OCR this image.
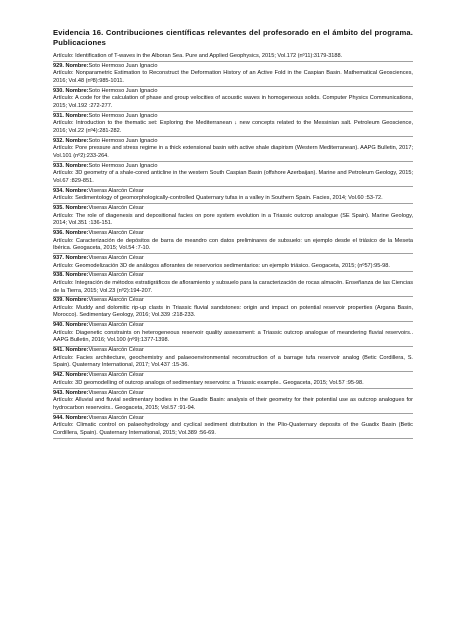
Evidencia 16. Contribuciones científicas relevantes del profesorado en el ámbito del programa. Publicaciones
Artículo: Identification of T-waves in the Alboran Sea. Pure and Applied Geophysics, 2015; Vol.172 (nº11):3179-3188.
929. Nombre:Soto Hermoso Juan Ignacio
Artículo: Nonparametric Estimation to Reconstruct the Deformation History of an Active Fold in the Caspian Basin. Mathematical Geosciences, 2016; Vol.48 (nº8):985-1011.
930. Nombre:Soto Hermoso Juan Ignacio
Artículo: A code for the calculation of phase and group velocities of acoustic waves in homogeneous solids. Computer Physics Communications, 2015; Vol.192 :272-277.
931. Nombre:Soto Hermoso Juan Ignacio
Artículo: Introduction to the thematic set: Exploring the Mediterranean ↓ new concepts related to the Messinian salt. Petroleum Geoscience, 2016; Vol.22 (nº4):281-282.
932. Nombre:Soto Hermoso Juan Ignacio
Artículo: Pore pressure and stress regime in a thick extensional basin with active shale diapirism (Western Mediterranean). AAPG Bulletin, 2017; Vol.101 (nº2):233-264.
933. Nombre:Soto Hermoso Juan Ignacio
Artículo: 3D geometry of a shale-cored anticline in the western South Caspian Basin (offshore Azerbaijan). Marine and Petroleum Geology, 2015; Vol.67 :829-851.
934. Nombre:Viseras Alarcón César
Artículo: Sedimentology of geomorphologically-controlled Quaternary tufas in a valley in Southern Spain. Facies, 2014; Vol.60 :53-72.
935. Nombre:Viseras Alarcón César
Artículo: The role of diagenesis and depositional facies on pore system evolution in a Triassic outcrop analogue (SE Spain). Marine Geology, 2014; Vol.351 :136-151.
936. Nombre:Viseras Alarcón César
Artículo: Caracterización de depósitos de barra de meandro con datos preliminares de subsuelo: un ejemplo desde el triásico de la Meseta Ibérica. Geogaceta, 2015; Vol.54 :7-10.
937. Nombre:Viseras Alarcón César
Artículo: Geomodelización 3D de análogos aflorantes de reservorios sedimentarios: un ejemplo triásico. Geogaceta, 2015; (nº57):95-98.
938. Nombre:Viseras Alarcón César
Artículo: Integración de métodos estratigráficos de afloramiento y subsuelo para la caracterización de rocas almacén. Enseñanza de las Ciencias de la Tierra, 2015; Vol.23 (nº2):194-207.
939. Nombre:Viseras Alarcón César
Artículo: Muddy and dolomitic rip-up clasts in Triassic fluvial sandstones: origin and impact on potential reservoir properties (Argana Basin, Morocco). Sedimentary Geology, 2016; Vol.339 :218-233.
940. Nombre:Viseras Alarcón César
Artículo: Diagenetic constraints on heterogeneous reservoir quality assessment: a Triassic outcrop analogue of meandering fluvial reservoirs.. AAPG Bulletin, 2016; Vol.100 (nº9):1377-1398.
941. Nombre:Viseras Alarcón César
Artículo: Facies architecture, geochemistry and palaeoenvironmental reconstruction of a barrage tufa reservoir analog (Betic Cordillera, S. Spain). Quaternary International, 2017; Vol.437 :15-36.
942. Nombre:Viseras Alarcón César
Artículo: 3D geomodelling of outcrop analogs of sedimentary reservoirs: a Triassic example.. Geogaceta, 2015; Vol.57 :95-98.
943. Nombre:Viseras Alarcón César
Artículo: Alluvial and fluvial sedimentary bodies in the Guadix Basin: analysis of their geometry for their potential use as outcrop analogues for hydrocarbon reservoirs.. Geogaceta, 2015; Vol.57 :91-94.
944. Nombre:Viseras Alarcón César
Artículo: Climatic control on palaeohydrology and cyclical sediment distribution in the Plio-Quaternary deposits of the Guadix Basin (Betic Cordillera, Spain). Quaternary International, 2015; Vol.389 :56-69.
